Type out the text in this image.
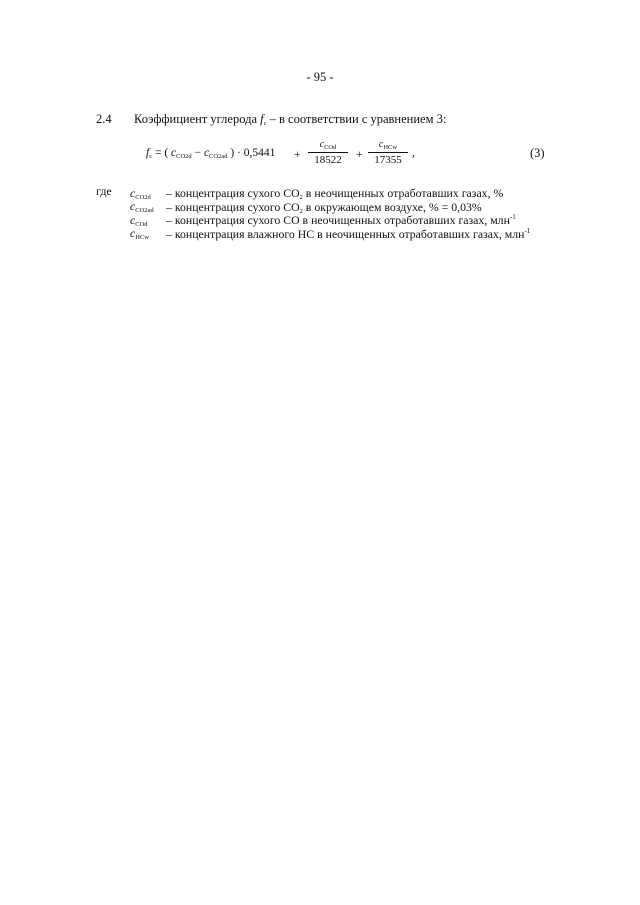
- 95 -
2.4 Коэффициент углерода $f_c$ – в соответствии с уравнением 3:
$f_c$ = ( $c_{CO2d} - c_{CO2ad}$ ) · 0,5441 +
$c_{COd}$
18522	+
$c_{HCw}$
17355
,	(3)
где $c_{CO2d}$ – концентрация сухого $CO_2$ в неочищенных отработавших газах, %
$c_{CO2ad}$ – концентрация сухого $CO_2$ в окружающем воздухе, % = 0,03%
$c_{COd}$ – концентрация сухого CO в неочищенных отработавших газах, млн$^{-1}$
$c_{HCw}$ – концентрация влажного HC в неочищенных отработавших газах, млн$^{-1}$
